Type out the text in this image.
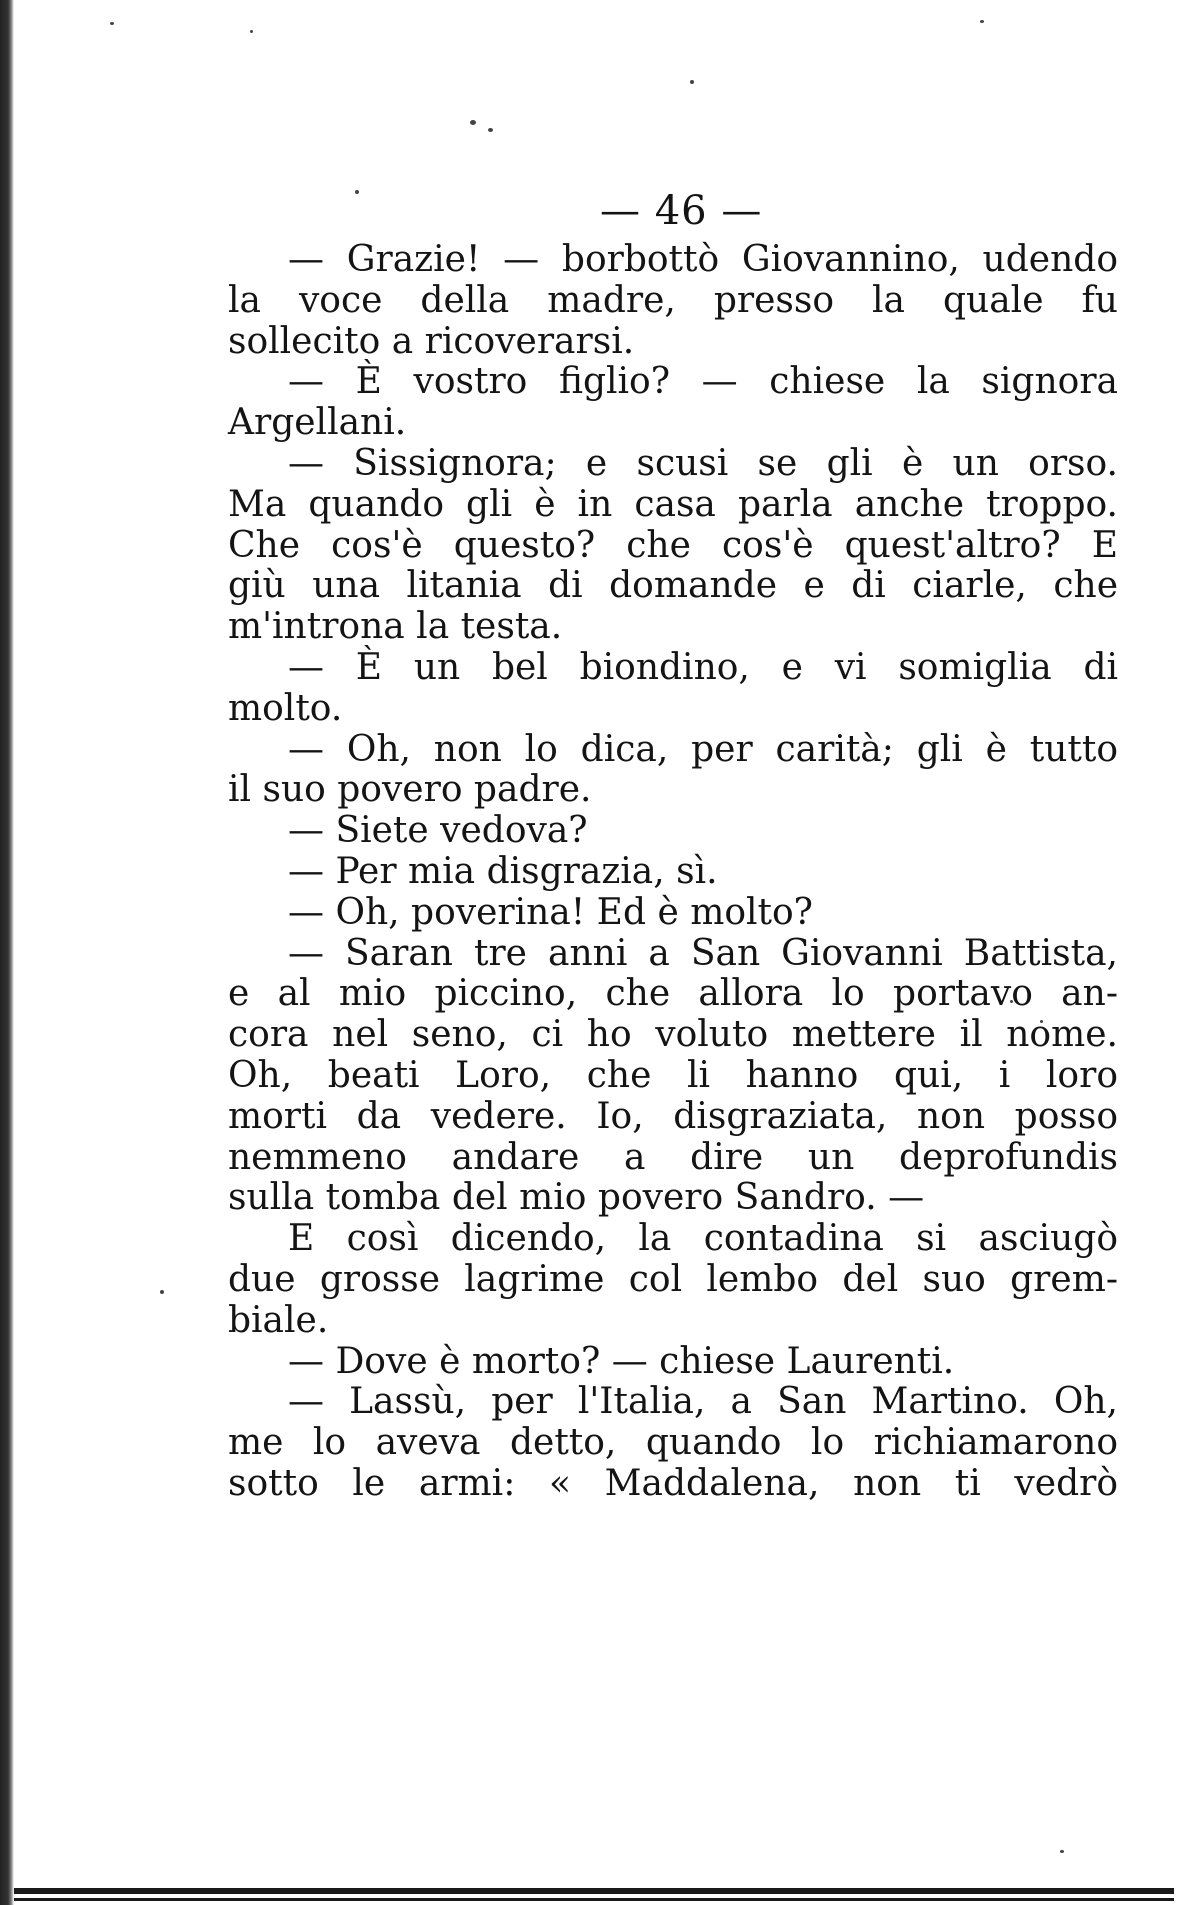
— 46 —
— Grazie! — borbottò Giovannino, udendo
la voce della madre, presso la quale fu
sollecito a ricoverarsi.
— È vostro figlio? — chiese la signora
Argellani.
— Sissignora; e scusi se gli è un orso.
Ma quando gli è in casa parla anche troppo.
Che cos'è questo? che cos'è quest'altro? E
giù una litania di domande e di ciarle, che
m'introna la testa.
— È un bel biondino, e vi somiglia di
molto.
— Oh, non lo dica, per carità; gli è tutto
il suo povero padre.
— Siete vedova?
— Per mia disgrazia, sì.
— Oh, poverina! Ed è molto?
— Saran tre anni a San Giovanni Battista,
e al mio piccino, che allora lo portavo an-
cora nel seno, ci ho voluto mettere il nome.
Oh, beati Loro, che li hanno qui, i loro
morti da vedere. Io, disgraziata, non posso
nemmeno andare a dire un deprofundis
sulla tomba del mio povero Sandro. —
E così dicendo, la contadina si asciugò
due grosse lagrime col lembo del suo grem-
biale.
— Dove è morto? — chiese Laurenti.
— Lassù, per l'Italia, a San Martino. Oh,
me lo aveva detto, quando lo richiamarono
sotto le armi: « Maddalena, non ti vedrò
